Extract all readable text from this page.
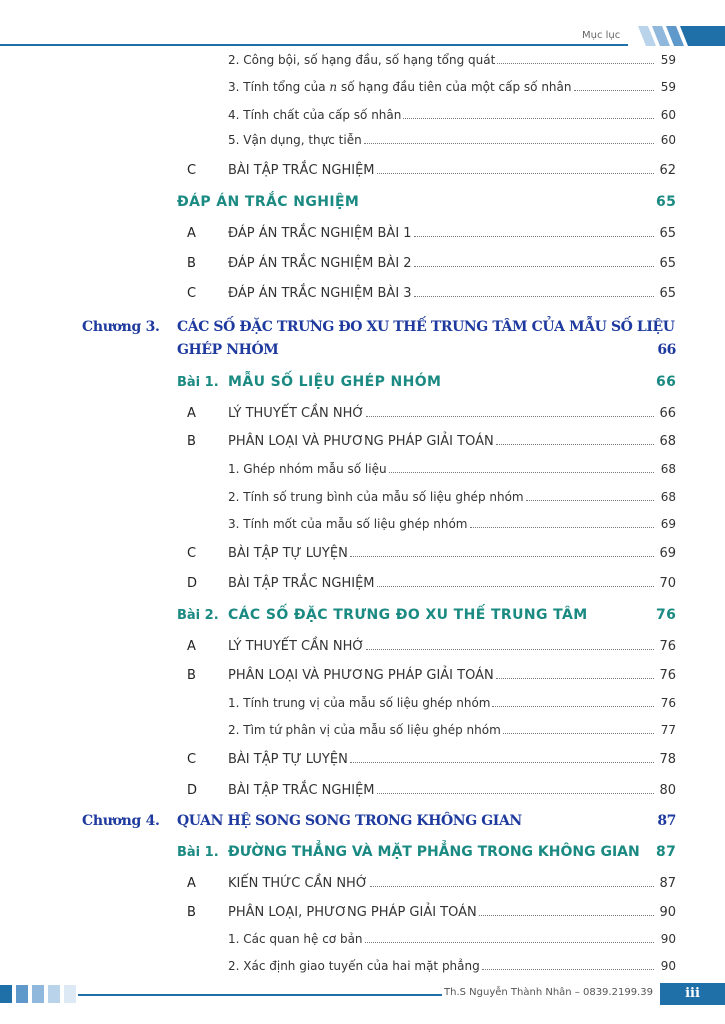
Mục lục
2. Công bội, số hạng đầu, số hạng tổng quát	59
3. Tính tổng của n số hạng đầu tiên của một cấp số nhân	59
4. Tính chất của cấp số nhân	60
5. Vận dụng, thực tiễn	60
C BÀI TẬP TRẮC NGHIỆM	62
ĐÁP ÁN TRẮC NGHIỆM	65
A ĐÁP ÁN TRẮC NGHIỆM BÀI 1	65
B ĐÁP ÁN TRẮC NGHIỆM BÀI 2	65
C ĐÁP ÁN TRẮC NGHIỆM BÀI 3	65
Chương 3. CÁC SỐ ĐẶC TRƯNG ĐO XU THẾ TRUNG TÂM CỦA MẪU SỐ LIỆU
GHÉP NHÓM	66
Bài 1. MẪU SỐ LIỆU GHÉP NHÓM	66
A LÝ THUYẾT CẦN NHỚ	66
B PHÂN LOẠI VÀ PHƯƠNG PHÁP GIẢI TOÁN	68
1. Ghép nhóm mẫu số liệu	68
2. Tính số trung bình của mẫu số liệu ghép nhóm	68
3. Tính mốt của mẫu số liệu ghép nhóm	69
C BÀI TẬP TỰ LUYỆN	69
D BÀI TẬP TRẮC NGHIỆM	70
Bài 2. CÁC SỐ ĐẶC TRƯNG ĐO XU THẾ TRUNG TÂM	76
A LÝ THUYẾT CẦN NHỚ	76
B PHÂN LOẠI VÀ PHƯƠNG PHÁP GIẢI TOÁN	76
1. Tính trung vị của mẫu số liệu ghép nhóm	76
2. Tìm tứ phân vị của mẫu số liệu ghép nhóm	77
C BÀI TẬP TỰ LUYỆN	78
D BÀI TẬP TRẮC NGHIỆM	80
Chương 4. QUAN HỆ SONG SONG TRONG KHÔNG GIAN	87
Bài 1. ĐƯỜNG THẲNG VÀ MẶT PHẲNG TRONG KHÔNG GIAN 87
A KIẾN THỨC CẦN NHỚ	87
B PHÂN LOẠI, PHƯƠNG PHÁP GIẢI TOÁN	90
1. Các quan hệ cơ bản	90
2. Xác định giao tuyến của hai mặt phẳng	90
Th.S Nguyễn Thành Nhân – 0839.2199.39	iii
